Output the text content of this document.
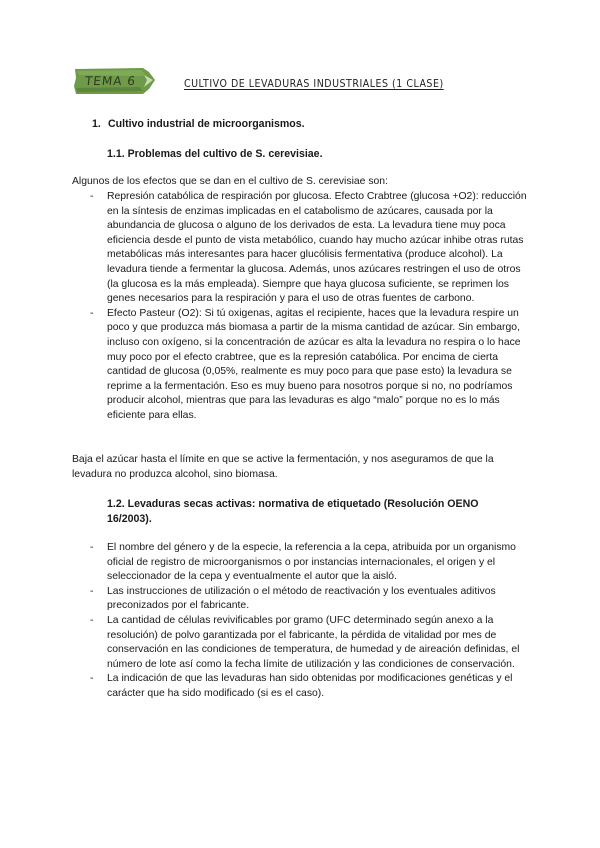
TEMA 6	CULTIVO DE LEVADURAS INDUSTRIALES (1 CLASE)
1. Cultivo industrial de microorganismos.
1.1. Problemas del cultivo de S. cerevisiae.
Algunos de los efectos que se dan en el cultivo de S. cerevisiae son:
- Represión catabólica de respiración por glucosa. Efecto Crabtree (glucosa +O2): reducción en la síntesis de enzimas implicadas en el catabolismo de azúcares, causada por la abundancia de glucosa o alguno de los derivados de esta. La levadura tiene muy poca eficiencia desde el punto de vista metabólico, cuando hay mucho azúcar inhibe otras rutas metabólicas más interesantes para hacer glucólisis fermentativa (produce alcohol). La levadura tiende a fermentar la glucosa. Además, unos azúcares restringen el uso de otros (la glucosa es la más empleada). Siempre que haya glucosa suficiente, se reprimen los genes necesarios para la respiración y para el uso de otras fuentes de carbono.
- Efecto Pasteur (O2): Si tú oxigenas, agitas el recipiente, haces que la levadura respire un poco y que produzca más biomasa a partir de la misma cantidad de azúcar. Sin embargo, incluso con oxígeno, si la concentración de azúcar es alta la levadura no respira o lo hace muy poco por el efecto crabtree, que es la represión catabólica. Por encima de cierta cantidad de glucosa (0,05%, realmente es muy poco para que pase esto) la levadura se reprime a la fermentación. Eso es muy bueno para nosotros porque si no, no podríamos producir alcohol, mientras que para las levaduras es algo “malo” porque no es lo más eficiente para ellas.
Baja el azúcar hasta el límite en que se active la fermentación, y nos aseguramos de que la levadura no produzca alcohol, sino biomasa.
1.2. Levaduras secas activas: normativa de etiquetado (Resolución OENO 16/2003).
- El nombre del género y de la especie, la referencia a la cepa, atribuida por un organismo oficial de registro de microorganismos o por instancias internacionales, el origen y el seleccionador de la cepa y eventualmente el autor que la aisló.
- Las instrucciones de utilización o el método de reactivación y los eventuales aditivos preconizados por el fabricante.
- La cantidad de células revivificables por gramo (UFC determinado según anexo a la resolución) de polvo garantizada por el fabricante, la pérdida de vitalidad por mes de conservación en las condiciones de temperatura, de humedad y de aireación definidas, el número de lote así como la fecha límite de utilización y las condiciones de conservación.
- La indicación de que las levaduras han sido obtenidas por modificaciones genéticas y el carácter que ha sido modificado (si es el caso).
